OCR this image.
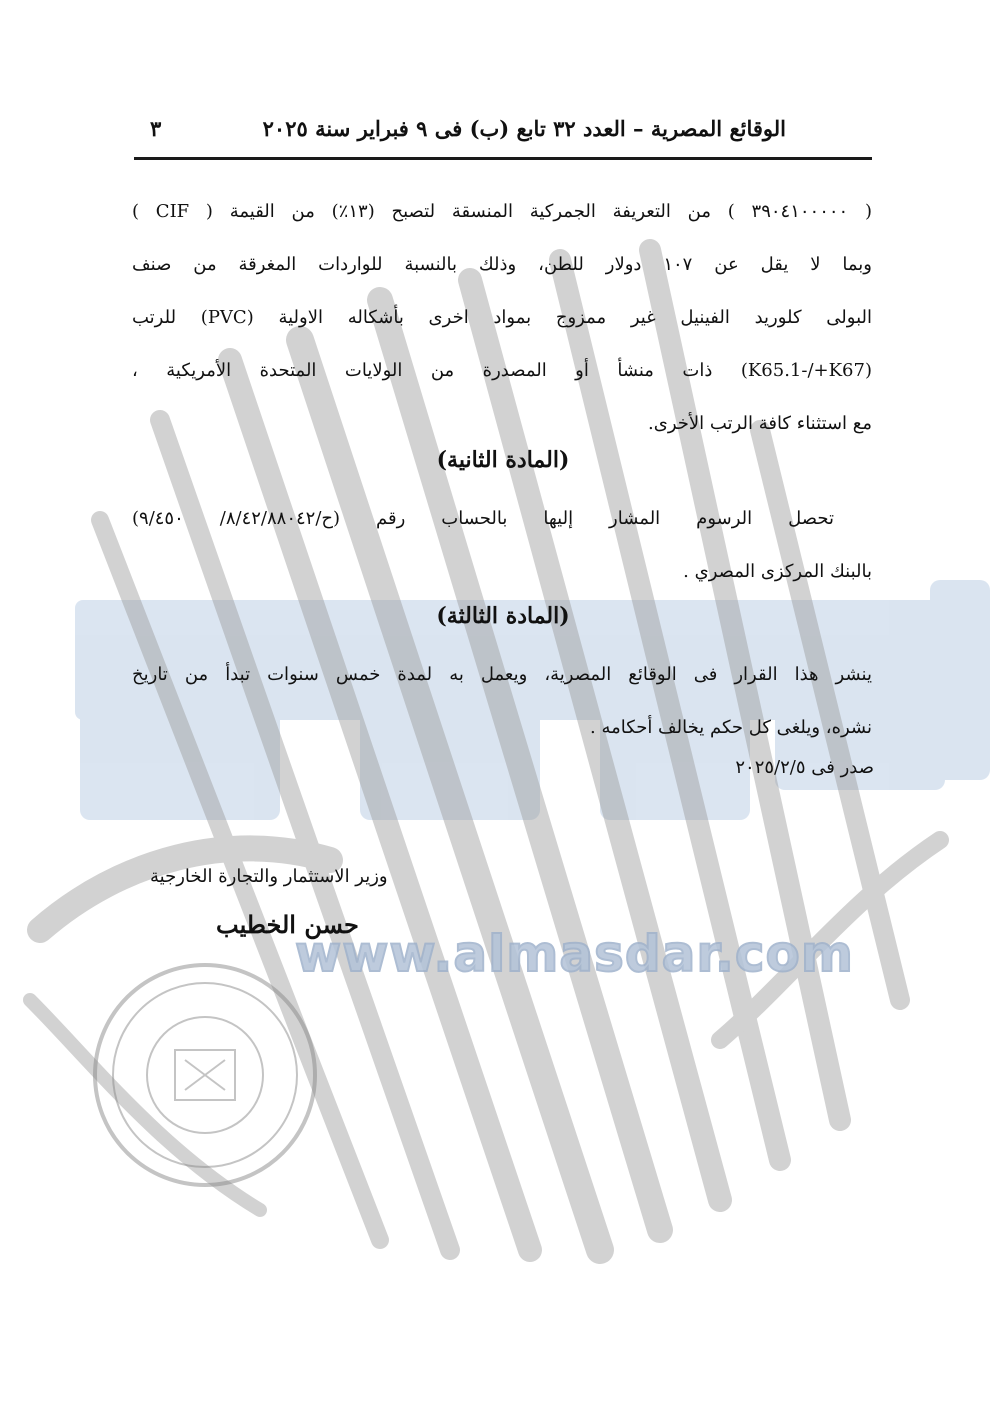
www.almasdar.com
الوقائع المصرية – العدد ٣٢ تابع (ب) فى ٩ فبراير سنة ٢٠٢٥
٣
( ٣٩٠٤١٠٠٠٠٠ ) من التعريفة الجمركية المنسقة لتصبح (١٣٪) من القيمة ( CIF )
وبما لا يقل عن ١٠٧ دولار للطن، وذلك بالنسبة للواردات المغرقة من صنف
البولى كلوريد الفينيل غير ممزوج بمواد اخرى بأشكاله الاولية (PVC) للرتب
(K65.1-/+K67) ذات منشأ أو المصدرة من الولايات المتحدة الأمريكية ،
مع استثناء كافة الرتب الأخرى.
(المادة الثانية)
تحصل الرسوم المشار إليها بالحساب رقم (ح/٨/٤٢/٨٨٠٤٢/ ٩/٤٥٠)
بالبنك المركزى المصري .
(المادة الثالثة)
ينشر هذا القرار فى الوقائع المصرية، ويعمل به لمدة خمس سنوات تبدأ من تاريخ
نشره، ويلغى كل حكم يخالف أحكامه .
صدر فى ٢٠٢٥/٢/٥
وزير الاستثمار والتجارة الخارجية
حسن الخطيب
